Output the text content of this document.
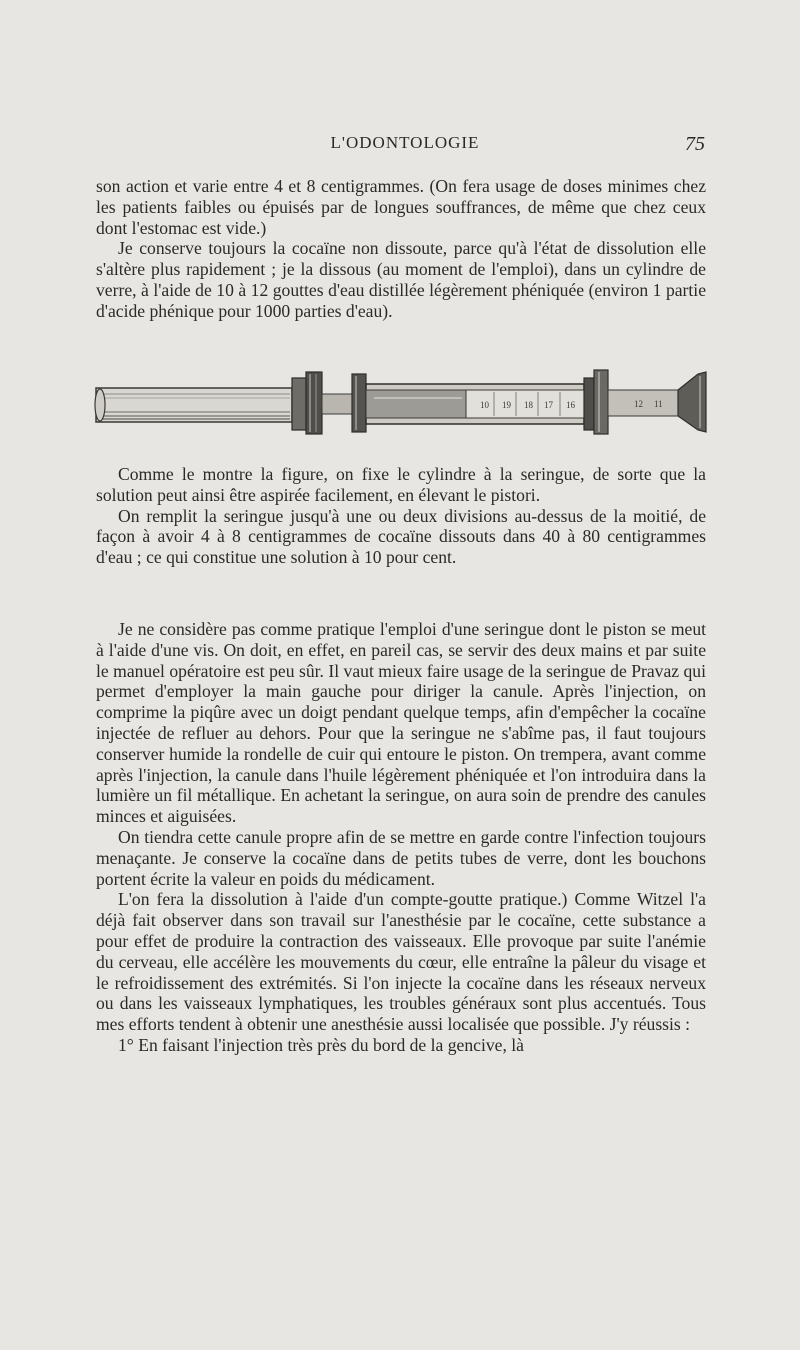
L'ODONTOLOGIE	75

son action et varie entre 4 et 8 centigrammes. (On fera usage de doses minimes chez les patients faibles ou épuisés par de longues souffrances, de même que chez ceux dont l'estomac est vide.)

Je conserve toujours la cocaïne non dissoute, parce qu'à l'état de dissolution elle s'altère plus rapidement ; je la dissous (au moment de l'emploi), dans un cylindre de verre, à l'aide de 10 à 12 gouttes d'eau distillée légèrement phéniquée (environ 1 partie d'acide phénique pour 1000 parties d'eau).

10 19 18 17 16	12 11

Comme le montre la figure, on fixe le cylindre à la seringue, de sorte que la solution peut ainsi être aspirée facilement, en élevant le pistori.

On remplit la seringue jusqu'à une ou deux divisions au-dessus de la moitié, de façon à avoir 4 à 8 centigrammes de cocaïne dissouts dans 40 à 80 centigrammes d'eau ; ce qui constitue une solution à 10 pour cent.

Je ne considère pas comme pratique l'emploi d'une seringue dont le piston se meut à l'aide d'une vis. On doit, en effet, en pareil cas, se servir des deux mains et par suite le manuel opératoire est peu sûr. Il vaut mieux faire usage de la seringue de Pravaz qui permet d'employer la main gauche pour diriger la canule. Après l'injection, on comprime la piqûre avec un doigt pendant quelque temps, afin d'empêcher la cocaïne injectée de refluer au dehors. Pour que la seringue ne s'abîme pas, il faut toujours conserver humide la rondelle de cuir qui entoure le piston. On trempera, avant comme après l'injection, la canule dans l'huile légèrement phéniquée et l'on introduira dans la lumière un fil métallique. En achetant la seringue, on aura soin de prendre des canules minces et aiguisées.

On tiendra cette canule propre afin de se mettre en garde contre l'infection toujours menaçante. Je conserve la cocaïne dans de petits tubes de verre, dont les bouchons portent écrite la valeur en poids du médicament.

L'on fera la dissolution à l'aide d'un compte-goutte pratique.) Comme Witzel l'a déjà fait observer dans son travail sur l'anesthésie par le cocaïne, cette substance a pour effet de produire la contraction des vaisseaux. Elle provoque par suite l'anémie du cerveau, elle accélère les mouvements du cœur, elle entraîne la pâleur du visage et le refroidissement des extrémités. Si l'on injecte la cocaïne dans les réseaux nerveux ou dans les vaisseaux lymphatiques, les troubles généraux sont plus accentués. Tous mes efforts tendent à obtenir une anesthésie aussi localisée que possible. J'y réussis :

1° En faisant l'injection très près du bord de la gencive, là
